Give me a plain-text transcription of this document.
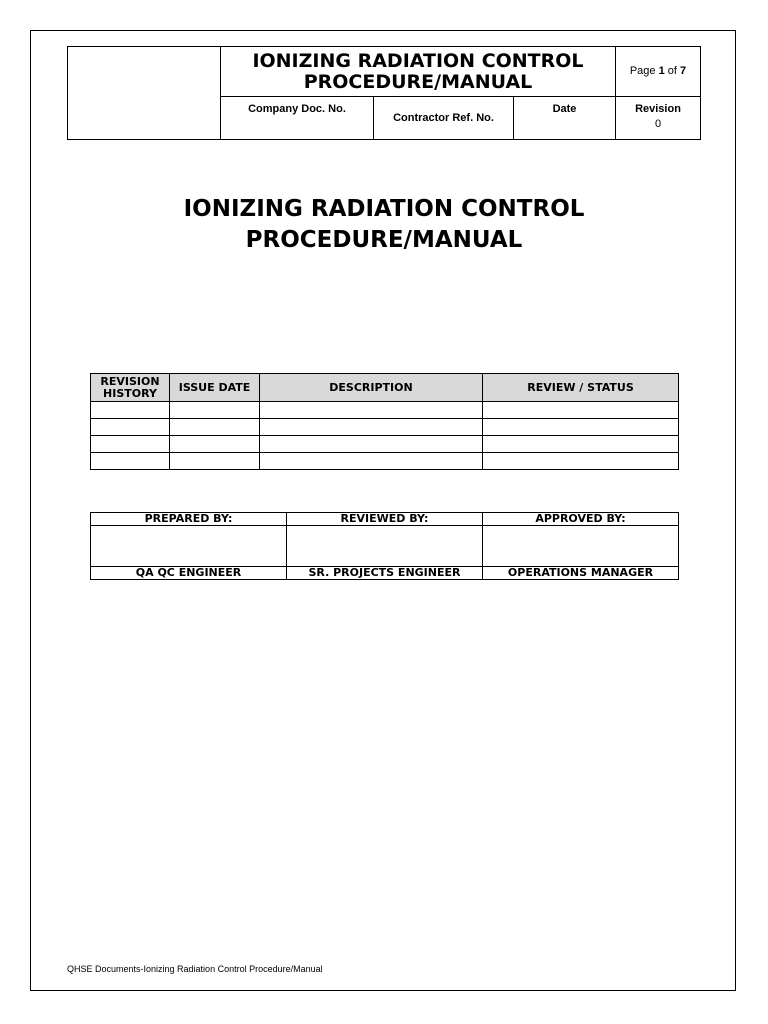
	IONIZING RADIATION CONTROL PROCEDURE/MANUAL			Page 1 of 7
	Company Doc. No.	Contractor Ref. No.	Date	Revision
0
IONIZING RADIATION CONTROL PROCEDURE/MANUAL
REVISION HISTORY	ISSUE DATE	DESCRIPTION	REVIEW / STATUS

PREPARED BY:	REVIEWED BY:	APPROVED BY:

QA QC ENGINEER	SR. PROJECTS ENGINEER	OPERATIONS MANAGER
QHSE Documents-Ionizing Radiation Control Procedure/Manual
